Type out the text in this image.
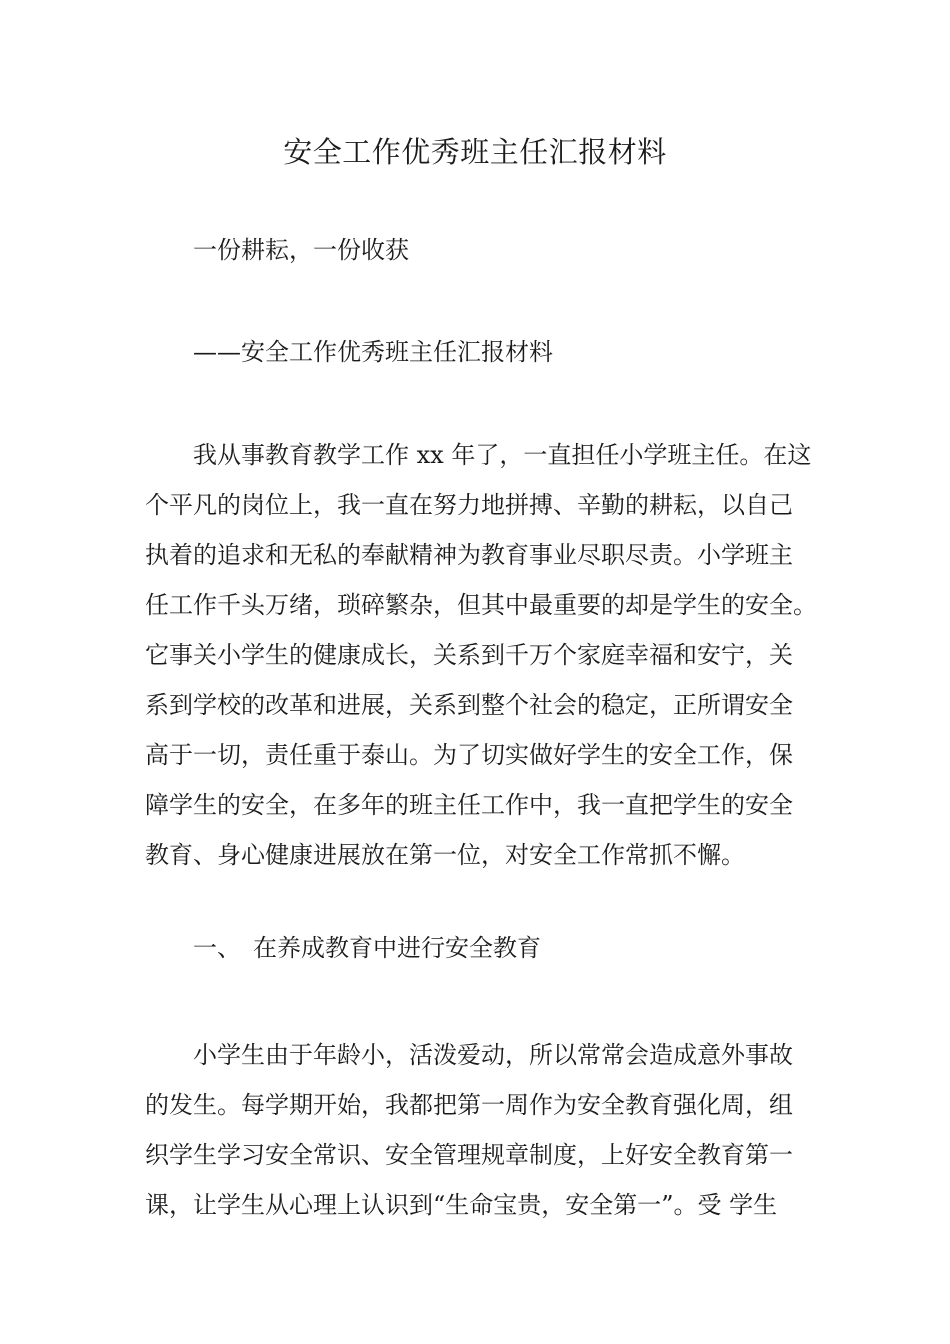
安全工作优秀班主任汇报材料
一份耕耘，一份收获
——安全工作优秀班主任汇报材料
我从事教育教学工作 xx 年了，一直担任小学班主任。在这
个平凡的岗位上，我一直在努力地拼搏、辛勤的耕耘，以自己
执着的追求和无私的奉献精神为教育事业尽职尽责。小学班主
任工作千头万绪，琐碎繁杂，但其中最重要的却是学生的安全。
它事关小学生的健康成长，关系到千万个家庭幸福和安宁，关
系到学校的改革和进展，关系到整个社会的稳定，正所谓安全
高于一切，责任重于泰山。为了切实做好学生的安全工作，保
障学生的安全，在多年的班主任工作中，我一直把学生的安全
教育、身心健康进展放在第一位，对安全工作常抓不懈。
一、 在养成教育中进行安全教育
小学生由于年龄小，活泼爱动，所以常常会造成意外事故
的发生。每学期开始，我都把第一周作为安全教育强化周，组
织学生学习安全常识、安全管理规章制度，上好安全教育第一
课，让学生从心理上认识到“生命宝贵，安全第一”。受 学生
